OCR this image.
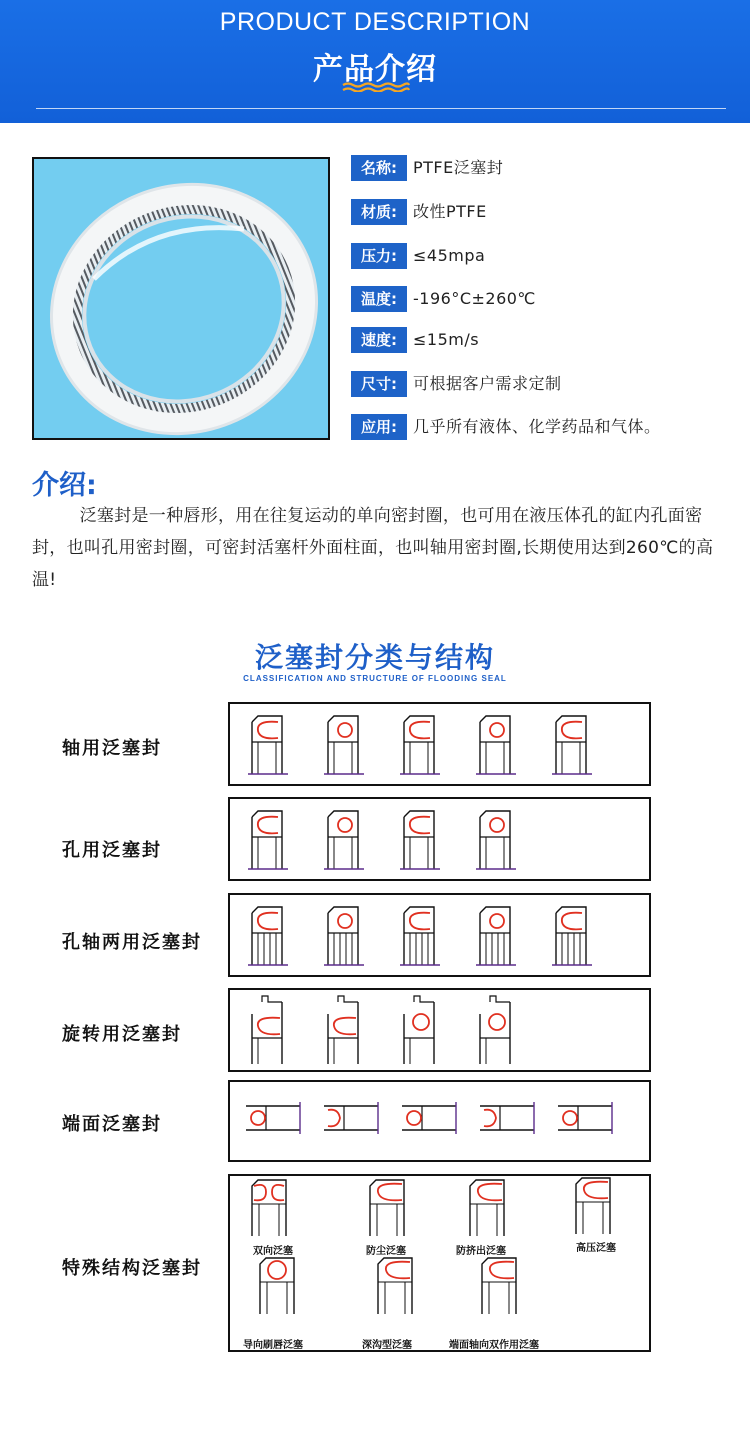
PRODUCT DESCRIPTION
产品介绍
名称:	PTFE泛塞封
材质:	改性PTFE
压力:	≤45mpa
温度:	-196°C±260℃
速度:	≤15m/s
尺寸:	可根据客户需求定制
应用:	几乎所有液体、化学药品和气体。
介绍:
泛塞封是一种唇形，用在往复运动的单向密封圈，也可用在液压体孔的缸内孔面密封，也叫孔用密封圈，可密封活塞杆外面柱面，也叫轴用密封圈,长期使用达到260℃的高温!
泛塞封分类与结构
CLASSIFICATION AND STRUCTURE OF FLOODING SEAL
轴用泛塞封
孔用泛塞封
孔轴两用泛塞封
旋转用泛塞封
端面泛塞封
特殊结构泛塞封
双向泛塞	防尘泛塞	防挤出泛塞	高压泛塞
导向刷唇泛塞	深沟型泛塞	端面轴向双作用泛塞
